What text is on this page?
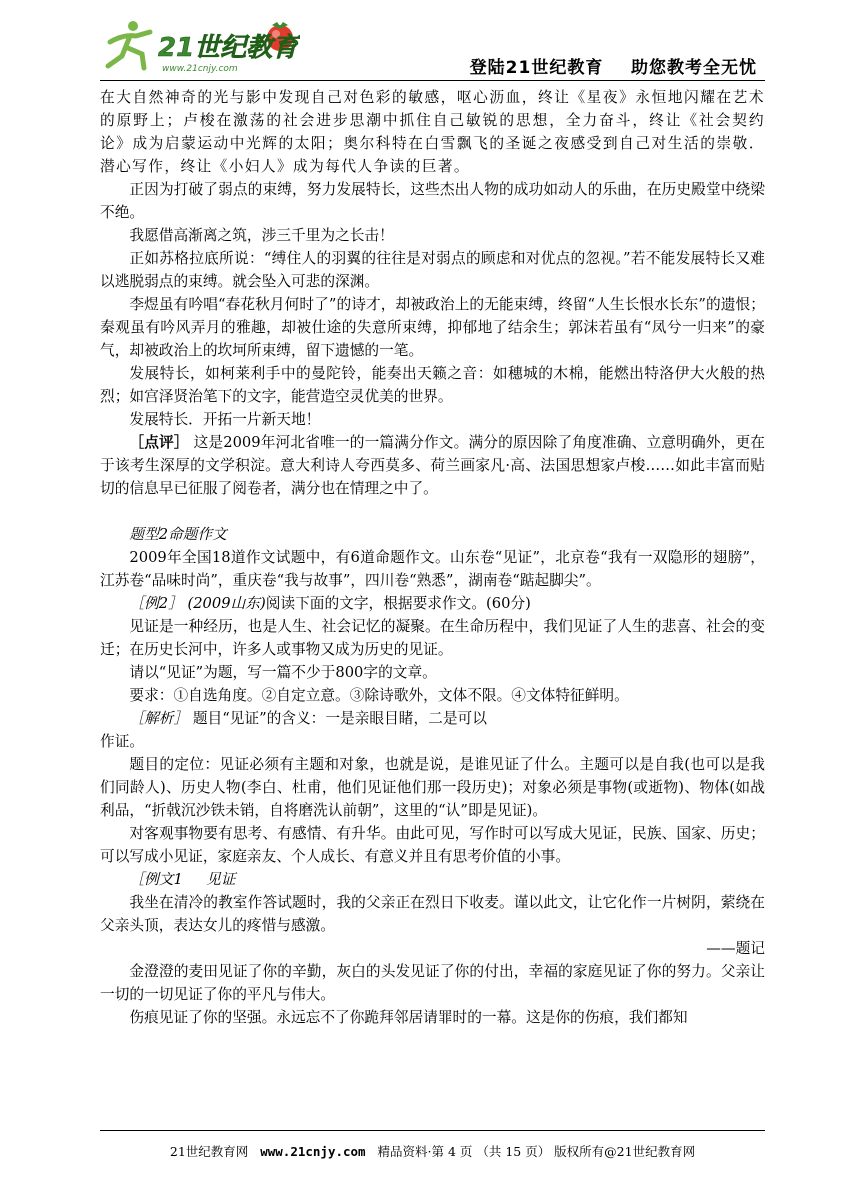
21世纪教育
www.21cnjy.com	登陆21世纪教育    助您教考全无忧

在大自然神奇的光与影中发现自己对色彩的敏感，呕心沥血，终让《星夜》永恒地闪耀在艺术的原野上；卢梭在激荡的社会进步思潮中抓住自己敏锐的思想，全力奋斗，终让《社会契约论》成为启蒙运动中光辉的太阳；奥尔科特在白雪飘飞的圣诞之夜感受到自己对生活的崇敬．潜心写作，终让《小妇人》成为每代人争读的巨著。

正因为打破了弱点的束缚，努力发展特长，这些杰出人物的成功如动人的乐曲，在历史殿堂中绕梁不绝。

我愿借高渐离之筑，涉三千里为之长击！

正如苏格拉底所说：“缚住人的羽翼的往往是对弱点的顾虑和对优点的忽视。”若不能发展特长又难以逃脱弱点的束缚。就会坠入可悲的深渊。

李煜虽有吟唱“春花秋月何时了”的诗才，却被政治上的无能束缚，终留“人生长恨水长东”的遗恨；秦观虽有吟风弄月的雅趣，却被仕途的失意所束缚，抑郁地了结余生；郭沫若虽有“凤兮一归来”的豪气，却被政治上的坎坷所束缚，留下遗憾的一笔。

发展特长，如柯莱利手中的曼陀铃，能奏出天籁之音：如穗城的木棉，能燃出特洛伊大火般的热烈；如宫泽贤治笔下的文字，能营造空灵优美的世界。

发展特长．开拓一片新天地！

［点评］ 这是2009年河北省唯一的一篇满分作文。满分的原因除了角度准确、立意明确外，更在于该考生深厚的文学积淀。意大利诗人夸西莫多、荷兰画家凡·高、法国思想家卢梭……如此丰富而贴切的信息早已征服了阅卷者，满分也在情理之中了。

题型2命题作文

2009年全国18道作文试题中，有6道命题作文。山东卷“见证”，北京卷“我有一双隐形的翅膀”，江苏卷“品味时尚”，重庆卷“我与故事”，四川卷“熟悉”，湖南卷“踮起脚尖”。

［例2］ (2009山东)阅读下面的文字，根据要求作文。(60分)

见证是一种经历，也是人生、社会记忆的凝聚。在生命历程中，我们见证了人生的悲喜、社会的变迁；在历史长河中，许多人或事物又成为历史的见证。

请以“见证”为题，写一篇不少于800字的文章。

要求：①自选角度。②自定立意。③除诗歌外，文体不限。④文体特征鲜明。

［解析］ 题目“见证”的含义：一是亲眼目睹，二是可以

作证。

题目的定位：见证必须有主题和对象，也就是说，是谁见证了什么。主题可以是自我(也可以是我们同龄人)、历史人物(李白、杜甫，他们见证他们那一段历史)；对象必须是事物(或逝物)、物体(如战利品，“折戟沉沙铁未销，自将磨洗认前朝”，这里的“认”即是见证)。

对客观事物要有思考、有感情、有升华。由此可见，写作时可以写成大见证，民族、国家、历史；可以写成小见证，家庭亲友、个人成长、有意义并且有思考价值的小事。

［例文1 见证

我坐在清冷的教室作答试题时，我的父亲正在烈日下收麦。谨以此文，让它化作一片树阴，萦绕在父亲头顶，表达女儿的疼惜与感激。

——题记

金澄澄的麦田见证了你的辛勤，灰白的头发见证了你的付出，幸福的家庭见证了你的努力。父亲让一切的一切见证了你的平凡与伟大。

伤痕见证了你的坚强。永远忘不了你跪拜邻居请罪时的一幕。这是你的伤痕，我们都知

21世纪教育网 www.21cnjy.com 精品资料·第 4 页 （共 15 页） 版权所有@21世纪教育网
